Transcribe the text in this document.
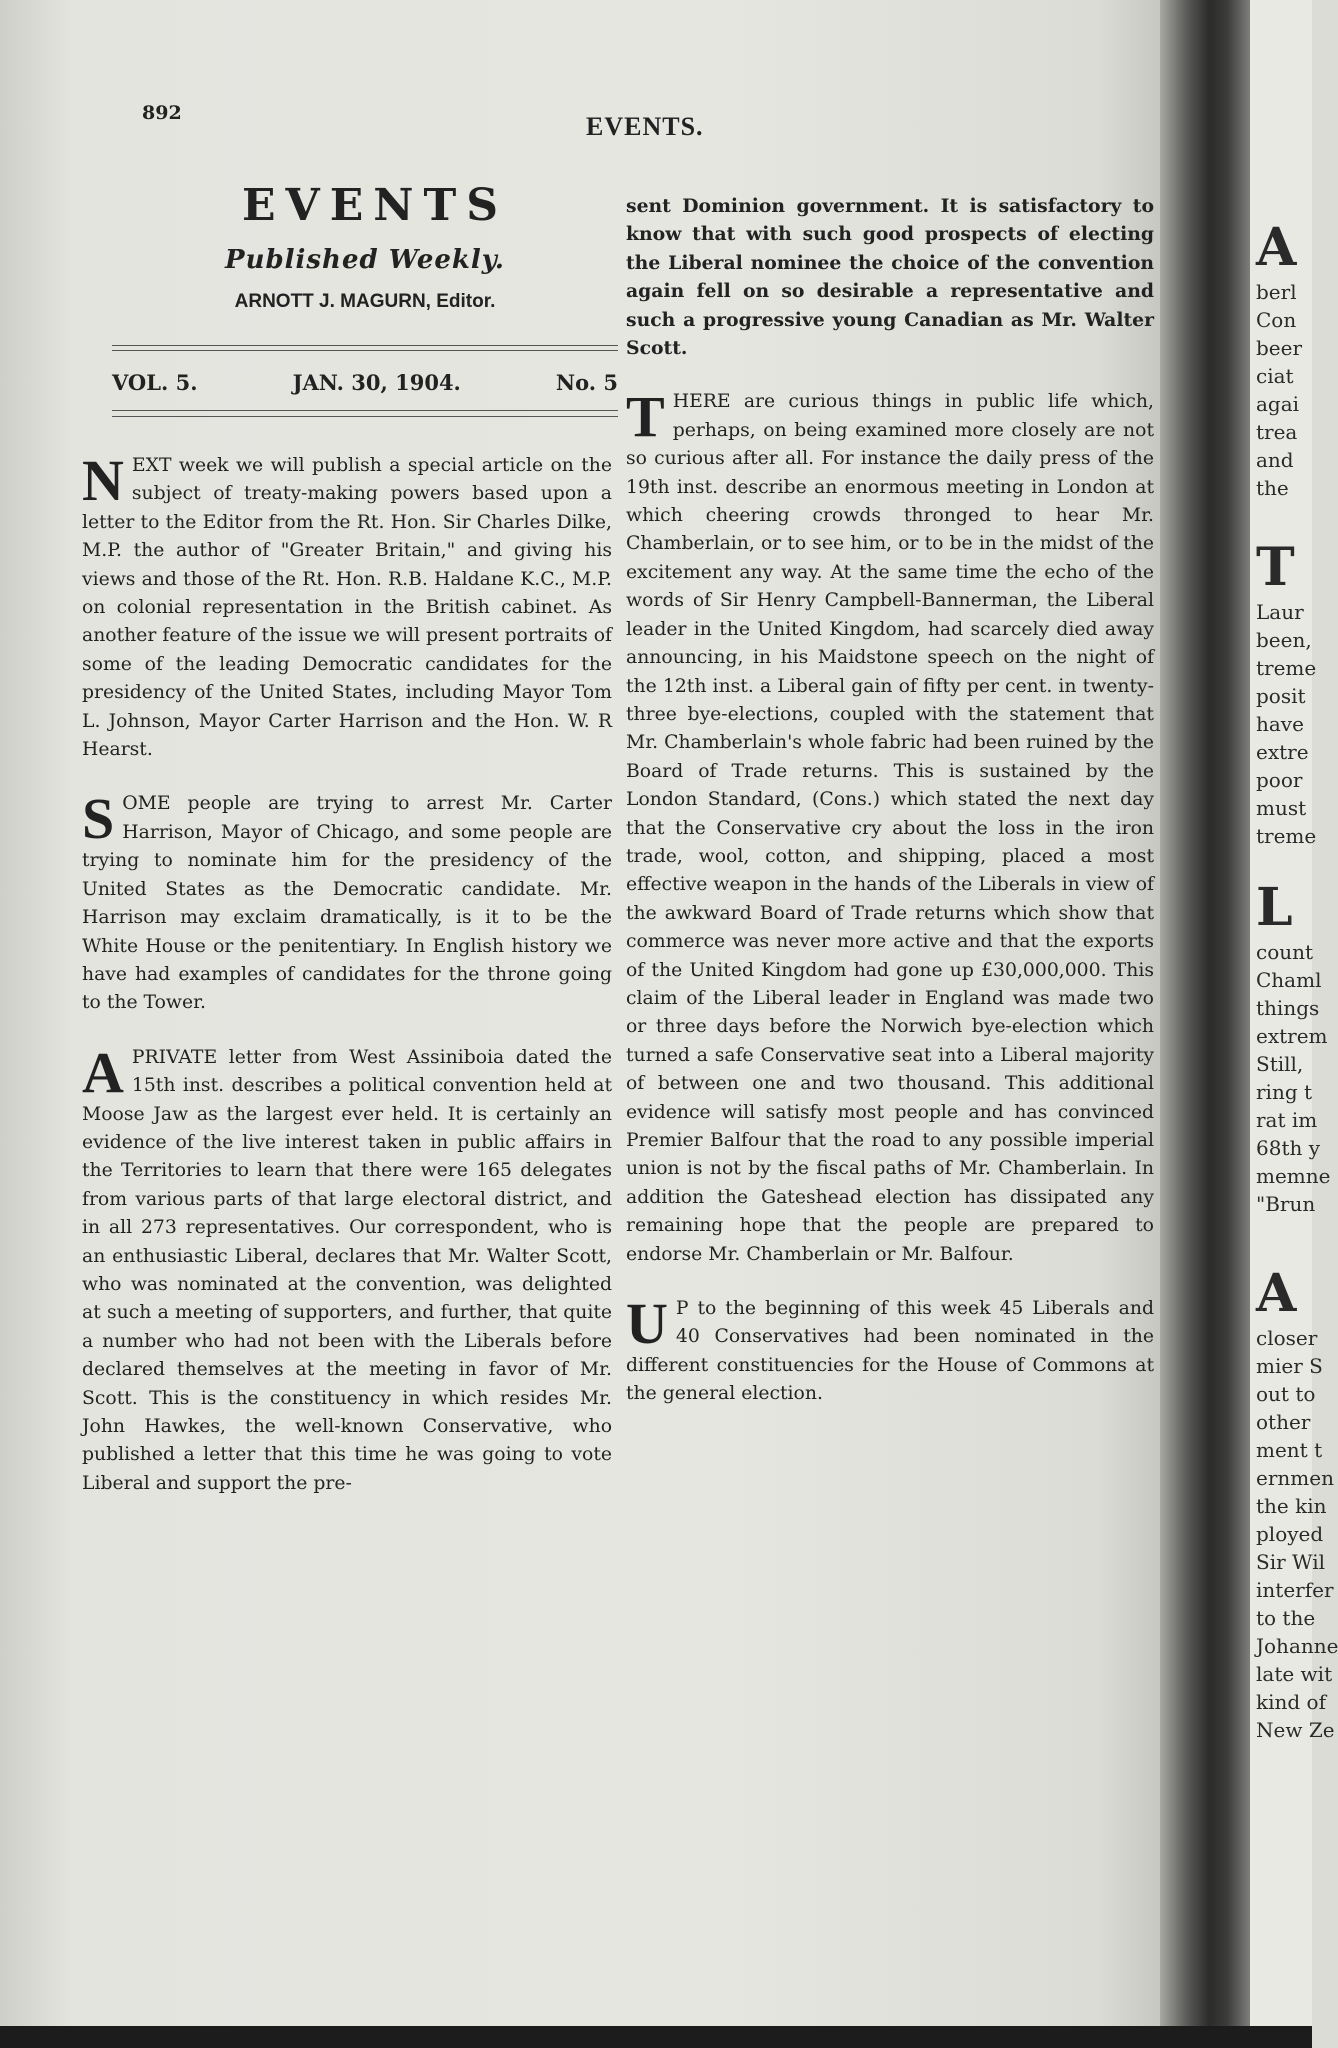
892	EVENTS.
EVENTS
Published Weekly.
ARNOTT J. MAGURN, Editor.
VOL. 5.	JAN. 30, 1904.	No. 5

NEXT week we will publish a special article on the subject of treaty-making powers based upon a letter to the Editor from the Rt. Hon. Sir Charles Dilke, M.P. the author of "Greater Britain," and giving his views and those of the Rt. Hon. R.B. Haldane K.C., M.P. on colonial representation in the British cabinet. As another feature of the issue we will present portraits of some of the leading Democratic candidates for the presidency of the United States, including Mayor Tom L. Johnson, Mayor Carter Harrison and the Hon. W. R Hearst.

SOME people are trying to arrest Mr. Carter Harrison, Mayor of Chicago, and some people are trying to nominate him for the presidency of the United States as the Democratic candidate. Mr. Harrison may exclaim dramatically, is it to be the White House or the penitentiary. In English history we have had examples of candidates for the throne going to the Tower.

APRIVATE letter from West Assiniboia dated the 15th inst. describes a political convention held at Moose Jaw as the largest ever held. It is certainly an evidence of the live interest taken in public affairs in the Territories to learn that there were 165 delegates from various parts of that large electoral district, and in all 273 representatives. Our correspondent, who is an enthusiastic Liberal, declares that Mr. Walter Scott, who was nominated at the convention, was delighted at such a meeting of supporters, and further, that quite a number who had not been with the Liberals before declared themselves at the meeting in favor of Mr. Scott. This is the constituency in which resides Mr. John Hawkes, the well-known Conservative, who published a letter that this time he was going to vote Liberal and support the pre-

sent Dominion government. It is satisfactory to know that with such good prospects of electing the Liberal nominee the choice of the convention again fell on so desirable a representative and such a progressive young Canadian as Mr. Walter Scott.

THERE are curious things in public life which, perhaps, on being examined more closely are not so curious after all. For instance the daily press of the 19th inst. describe an enormous meeting in London at which cheering crowds thronged to hear Mr. Chamberlain, or to see him, or to be in the midst of the excitement any way. At the same time the echo of the words of Sir Henry Campbell-Bannerman, the Liberal leader in the United Kingdom, had scarcely died away announcing, in his Maidstone speech on the night of the 12th inst. a Liberal gain of fifty per cent. in twenty-three bye-elections, coupled with the statement that Mr. Chamberlain's whole fabric had been ruined by the Board of Trade returns. This is sustained by the London Standard, (Cons.) which stated the next day that the Conservative cry about the loss in the iron trade, wool, cotton, and shipping, placed a most effective weapon in the hands of the Liberals in view of the awkward Board of Trade returns which show that commerce was never more active and that the exports of the United Kingdom had gone up £30,000,000. This claim of the Liberal leader in England was made two or three days before the Norwich bye-election which turned a safe Conservative seat into a Liberal majority of between one and two thousand. This additional evidence will satisfy most people and has convinced Premier Balfour that the road to any possible imperial union is not by the fiscal paths of Mr. Chamberlain. In addition the Gateshead election has dissipated any remaining hope that the people are prepared to endorse Mr. Chamberlain or Mr. Balfour.

U P to the beginning of this week 45 Liberals and 40 Conservatives had been nominated in the different constituencies for the House of Commons at the general election.

A
berl
Con
beer
ciat
agai
trea
and
the
T
Laur
been,
treme
posit
have
extre
poor
must
treme
L
count
Chaml
things
extrem
Still,
ring t
rat im
68th y
memne
"Brun
A
closer
mier S
out to
other
ment t
ernmen
the kin
ployed
Sir Wil
interfer
to the
Johanne
late wit
kind of
New Ze
